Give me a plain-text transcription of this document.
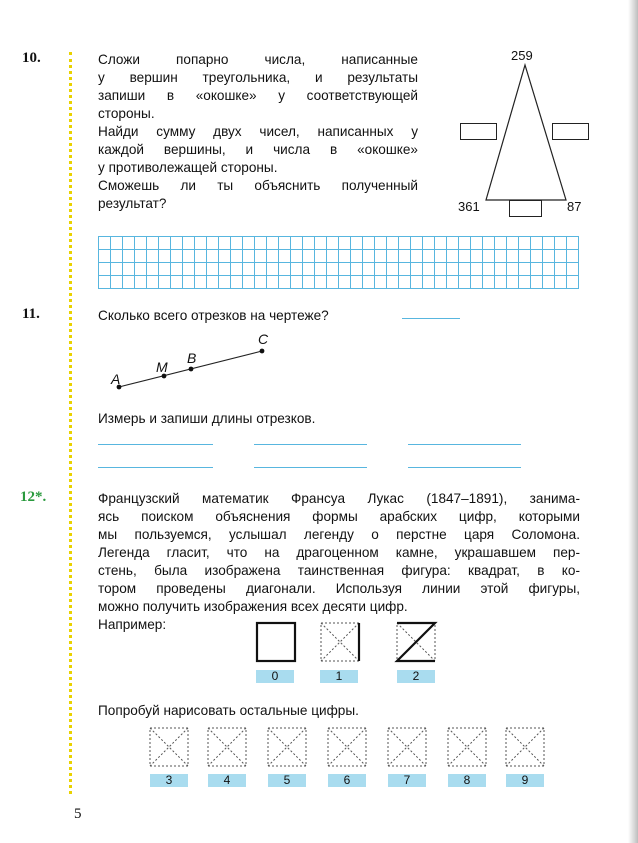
10.	Сложи попарно числа, написанные

у вершин треугольника, и результаты

запиши в «окошке» у соответствующей

стороны.

Найди сумму двух чисел, написанных у

каждой вершины, и числа в «окошке»

у противолежащей стороны.

Сможешь ли ты объяснить полученный

результат?

259
361	87
11.	Сколько всего отрезков на чертеже?
A
M
B
C
Измерь и запиши длины отрезков.
12*.	Французский математик Франсуа Лукас (1847–1891), занима-

ясь поиском объяснения формы арабских цифр, которыми

мы пользуемся, услышал легенду о перстне царя Соломона.

Легенда гласит, что на драгоценном камне, украшавшем пер-

стень, была изображена таинственная фигура: квадрат, в ко-

тором проведены диагонали. Используя линии этой фигуры,

можно получить изображения всех десяти цифр.

Например:

0	1	2
Попробуй нарисовать остальные цифры.
3	4	5	6	7	8	9
5
